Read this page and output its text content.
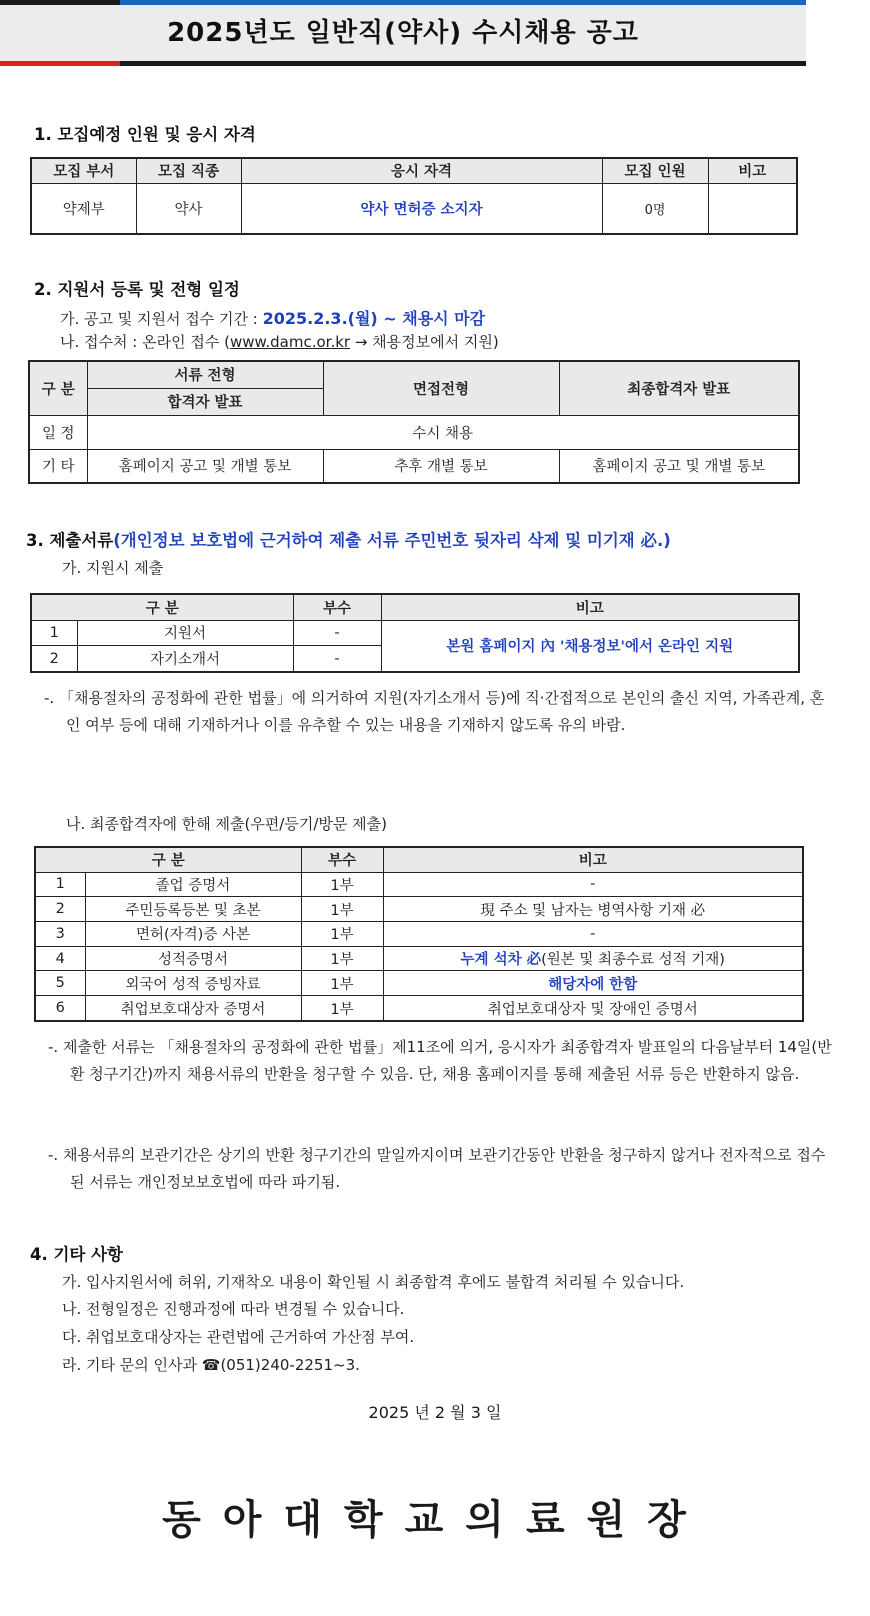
2025년도 일반직(약사) 수시채용 공고
1. 모집예정 인원 및 응시 자격
모집 부서	모집 직종	응시 자격	모집 인원	비고
약제부	약사	약사 면허증 소지자	0명	
2. 지원서 등록 및 전형 일정

가. 공고 및 지원서 접수 기간 : 2025.2.3.(월) ~ 채용시 마감

나. 접수처 : 온라인 접수 (www.damc.or.kr → 채용정보에서 지원)

구 분	서류 전형	면접전형	최종합격자 발표
	합격자 발표		
일 정	수시 채용		
기 타	홈페이지 공고 및 개별 통보	추후 개별 통보	홈페이지 공고 및 개별 통보
3. 제출서류(개인정보 보호법에 근거하여 제출 서류 주민번호 뒷자리 삭제 및 미기재 必.)

가. 지원시 제출

구 분		부수	비고
1	지원서	-	본원 홈페이지 內 '채용정보'에서 온라인 지원
2	자기소개서	-	

-. 「채용절차의 공정화에 관한 법률」에 의거하여 지원(자기소개서 등)에 직·간접적으로 본인의 출신 지역, 가족관계, 혼인 여부 등에 대해 기재하거나 이를 유추할 수 있는 내용을 기재하지 않도록 유의 바람.

나. 최종합격자에 한해 제출(우편/등기/방문 제출)

구 분		부수	비고
1	졸업 증명서	1부	-
2	주민등록등본 및 초본	1부	現 주소 및 남자는 병역사항 기재 必
3	면허(자격)증 사본	1부	-
4	성적증명서	1부	누계 석차 必(원본 및 최종수료 성적 기재)
5	외국어 성적 증빙자료	1부	해당자에 한함
6	취업보호대상자 증명서	1부	취업보호대상자 및 장애인 증명서

-. 제출한 서류는 「채용절차의 공정화에 관한 법률」제11조에 의거, 응시자가 최종합격자 발표일의 다음날부터 14일(반환 청구기간)까지 채용서류의 반환을 청구할 수 있음. 단, 채용 홈페이지를 통해 제출된 서류 등은 반환하지 않음.

-. 채용서류의 보관기간은 상기의 반환 청구기간의 말일까지이며 보관기간동안 반환을 청구하지 않거나 전자적으로 접수된 서류는 개인정보보호법에 따라 파기됨.

4. 기타 사항

가. 입사지원서에 허위, 기재착오 내용이 확인될 시 최종합격 후에도 불합격 처리될 수 있습니다.

나. 전형일정은 진행과정에 따라 변경될 수 있습니다.

다. 취업보호대상자는 관련법에 근거하여 가산점 부여.

라. 기타 문의 인사과 ☎(051)240-2251~3.

2025 년 2 월 3 일
동아대학교의료원장
